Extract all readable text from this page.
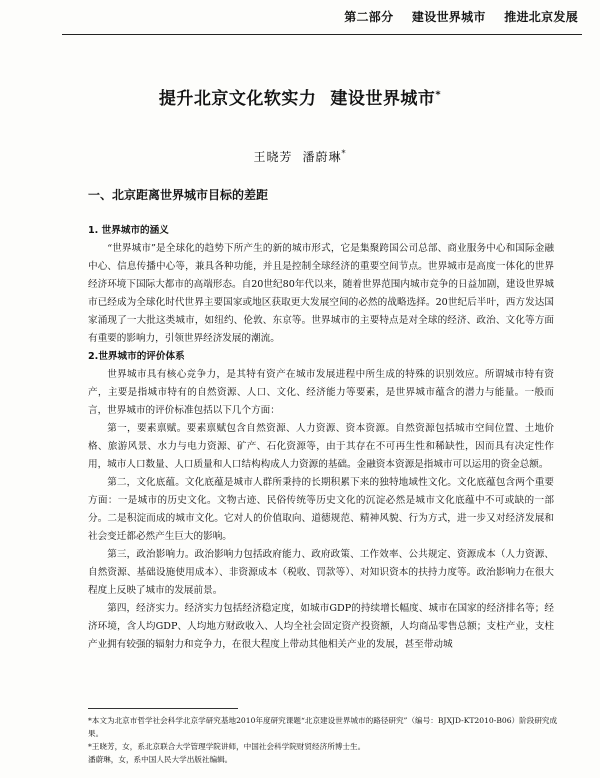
第二部分 建设世界城市 推进北京发展
提升北京文化软实力 建设世界城市*
王晓芳 潘蔚琳*
一、北京距离世界城市目标的差距

1. 世界城市的涵义

“世界城市”是全球化的趋势下所产生的新的城市形式，它是集聚跨国公司总部、商业服务中心和国际金融中心、信息传播中心等，兼具各种功能，并且是控制全球经济的重要空间节点。世界城市是高度一体化的世界经济环境下国际大都市的高端形态。自20世纪80年代以来，随着世界范围内城市竞争的日益加剧，建设世界城市已经成为全球化时代世界主要国家或地区获取更大发展空间的必然的战略选择。20世纪后半叶，西方发达国家涌现了一大批这类城市，如纽约、伦敦、东京等。世界城市的主要特点是对全球的经济、政治、文化等方面有重要的影响力，引领世界经济发展的潮流。

2.世界城市的评价体系

世界城市具有核心竞争力，是其特有资产在城市发展进程中所生成的特殊的识别效应。所谓城市特有资产，主要是指城市特有的自然资源、人口、文化、经济能力等要素，是世界城市蕴含的潜力与能量。一般而言，世界城市的评价标准包括以下几个方面：

第一，要素禀赋。要素禀赋包含自然资源、人力资源、资本资源。自然资源包括城市空间位置、土地价格、旅游风景、水力与电力资源、矿产、石化资源等，由于其存在不可再生性和稀缺性，因而具有决定性作用，城市人口数量、人口质量和人口结构构成人力资源的基础。金融资本资源是指城市可以运用的资金总额。

第二，文化底蕴。文化底蕴是城市人群所秉持的长期积累下来的独特地域性文化。文化底蕴包含两个重要方面：一是城市的历史文化。文物古迹、民俗传统等历史文化的沉淀必然是城市文化底蕴中不可或缺的一部分。二是积淀而成的城市文化。它对人的价值取向、道德规范、精神风貌、行为方式，进一步又对经济发展和社会变迁都必然产生巨大的影响。

第三，政治影响力。政治影响力包括政府能力、政府政策、工作效率、公共规定、资源成本（人力资源、自然资源、基础设施使用成本）、非资源成本（税收、罚款等）、对知识资本的扶持力度等。政治影响力在很大程度上反映了城市的发展前景。

第四，经济实力。经济实力包括经济稳定度，如城市GDP的持续增长幅度、城市在国家的经济排名等；经济环境，含人均GDP、人均地方财政收入、人均全社会固定资产投资额，人均商品零售总额；支柱产业，支柱产业拥有较强的辐射力和竞争力，在很大程度上带动其他相关产业的发展，甚至带动城

*本文为北京市哲学社会科学北京学研究基地2010年度研究课题“北京建设世界城市的路径研究”（编号：BJXJD-KT2010-B06）阶段研究成果。
*王晓芳，女，系北京联合大学管理学院讲师，中国社会科学院财贸经济所博士生。
潘蔚琳，女，系中国人民大学出版社编辑。
